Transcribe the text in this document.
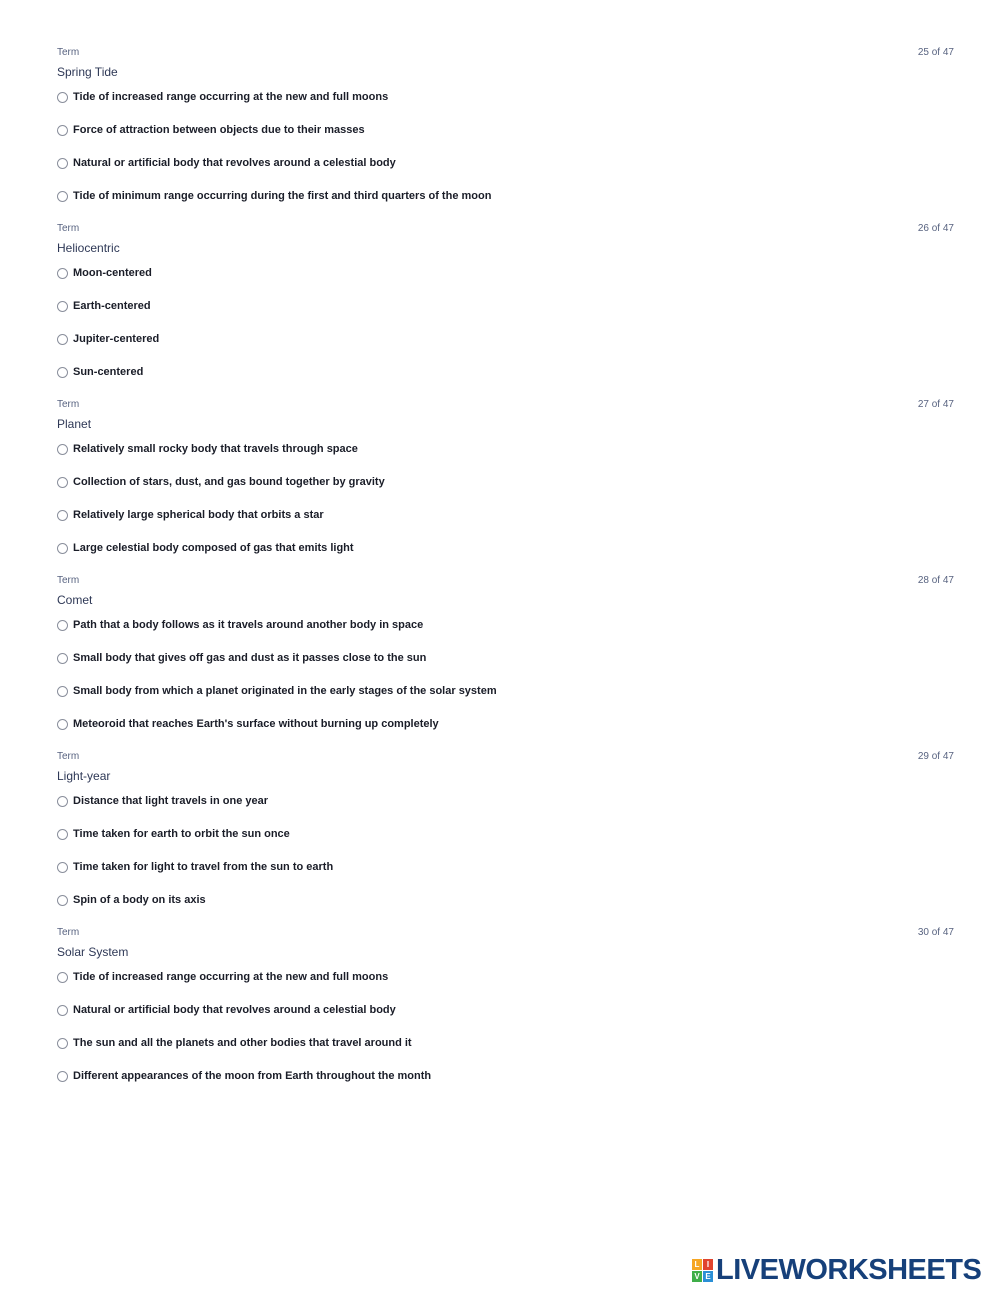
Term	25 of 47
Spring Tide
Tide of increased range occurring at the new and full moons
Force of attraction between objects due to their masses
Natural or artificial body that revolves around a celestial body
Tide of minimum range occurring during the first and third quarters of the moon
Term	26 of 47
Heliocentric
Moon-centered
Earth-centered
Jupiter-centered
Sun-centered
Term	27 of 47
Planet
Relatively small rocky body that travels through space
Collection of stars, dust, and gas bound together by gravity
Relatively large spherical body that orbits a star
Large celestial body composed of gas that emits light
Term	28 of 47
Comet
Path that a body follows as it travels around another body in space
Small body that gives off gas and dust as it passes close to the sun
Small body from which a planet originated in the early stages of the solar system
Meteoroid that reaches Earth's surface without burning up completely
Term	29 of 47
Light-year
Distance that light travels in one year
Time taken for earth to orbit the sun once
Time taken for light to travel from the sun to earth
Spin of a body on its axis
Term	30 of 47
Solar System
Tide of increased range occurring at the new and full moons
Natural or artificial body that revolves around a celestial body
The sun and all the planets and other bodies that travel around it
Different appearances of the moon from Earth throughout the month
L I
V E LIVEWORKSHEETS
